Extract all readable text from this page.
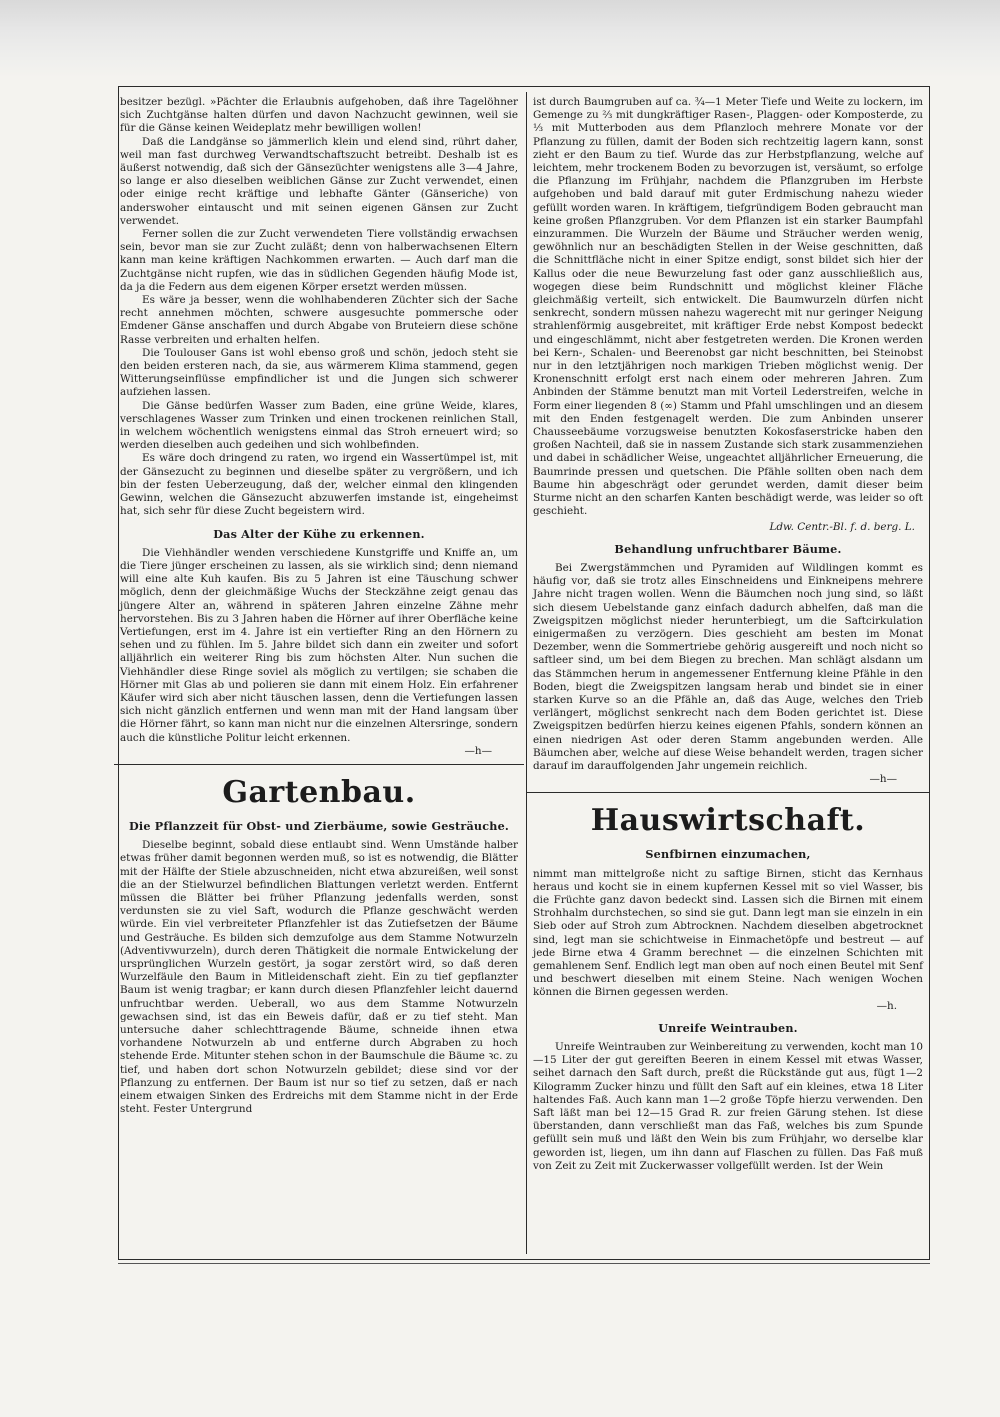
besitzer bezügl. »Pächter die Erlaubnis aufgehoben, daß ihre Tagelöhner sich Zuchtgänse halten dürfen und davon Nachzucht gewinnen, weil sie für die Gänse keinen Weideplatz mehr bewilligen wollen!

Daß die Landgänse so jämmerlich klein und elend sind, rührt daher, weil man fast durchweg Verwandtschaftszucht betreibt. Deshalb ist es äußerst notwendig, daß sich der Gänsezüchter wenigstens alle 3—4 Jahre, so lange er also dieselben weiblichen Gänse zur Zucht verwendet, einen oder einige recht kräftige und lebhafte Gänter (Gänseriche) von anderswoher eintauscht und mit seinen eigenen Gänsen zur Zucht verwendet.

Ferner sollen die zur Zucht verwendeten Tiere vollständig erwachsen sein, bevor man sie zur Zucht zuläßt; denn von halberwachsenen Eltern kann man keine kräftigen Nachkommen erwarten. — Auch darf man die Zuchtgänse nicht rupfen, wie das in südlichen Gegenden häufig Mode ist, da ja die Federn aus dem eigenen Körper ersetzt werden müssen.

Es wäre ja besser, wenn die wohlhabenderen Züchter sich der Sache recht annehmen möchten, schwere ausgesuchte pommersche oder Emdener Gänse anschaffen und durch Abgabe von Bruteiern diese schöne Rasse verbreiten und erhalten helfen.

Die Toulouser Gans ist wohl ebenso groß und schön, jedoch steht sie den beiden ersteren nach, da sie, aus wärmerem Klima stammend, gegen Witterungseinflüsse empfindlicher ist und die Jungen sich schwerer aufziehen lassen.

Die Gänse bedürfen Wasser zum Baden, eine grüne Weide, klares, verschlagenes Wasser zum Trinken und einen trockenen reinlichen Stall, in welchem wöchentlich wenigstens einmal das Stroh erneuert wird; so werden dieselben auch gedeihen und sich wohlbefinden.

Es wäre doch dringend zu raten, wo irgend ein Wassertümpel ist, mit der Gänsezucht zu beginnen und dieselbe später zu vergrößern, und ich bin der festen Ueberzeugung, daß der, welcher einmal den klingenden Gewinn, welchen die Gänsezucht abzuwerfen imstande ist, eingeheimst hat, sich sehr für diese Zucht begeistern wird.

Das Alter der Kühe zu erkennen.

Die Viehhändler wenden verschiedene Kunstgriffe und Kniffe an, um die Tiere jünger erscheinen zu lassen, als sie wirklich sind; denn niemand will eine alte Kuh kaufen. Bis zu 5 Jahren ist eine Täuschung schwer möglich, denn der gleichmäßige Wuchs der Steckzähne zeigt genau das jüngere Alter an, während in späteren Jahren einzelne Zähne mehr hervorstehen. Bis zu 3 Jahren haben die Hörner auf ihrer Oberfläche keine Vertiefungen, erst im 4. Jahre ist ein vertiefter Ring an den Hörnern zu sehen und zu fühlen. Im 5. Jahre bildet sich dann ein zweiter und sofort alljährlich ein weiterer Ring bis zum höchsten Alter. Nun suchen die Viehhändler diese Ringe soviel als möglich zu vertilgen; sie schaben die Hörner mit Glas ab und polieren sie dann mit einem Holz. Ein erfahrener Käufer wird sich aber nicht täuschen lassen, denn die Vertiefungen lassen sich nicht gänzlich entfernen und wenn man mit der Hand langsam über die Hörner fährt, so kann man nicht nur die einzelnen Altersringe, sondern auch die künstliche Politur leicht erkennen.

—h—
Gartenbau.
Die Pflanzzeit für Obst- und Zierbäume, sowie Gesträuche.

Dieselbe beginnt, sobald diese entlaubt sind. Wenn Umstände halber etwas früher damit begonnen werden muß, so ist es notwendig, die Blätter mit der Hälfte der Stiele abzuschneiden, nicht etwa abzureißen, weil sonst die an der Stielwurzel befindlichen Blattungen verletzt werden. Entfernt müssen die Blätter bei früher Pflanzung jedenfalls werden, sonst verdunsten sie zu viel Saft, wodurch die Pflanze geschwächt werden würde. Ein viel verbreiteter Pflanzfehler ist das Zutiefsetzen der Bäume und Gesträuche. Es bilden sich demzufolge aus dem Stamme Notwurzeln (Adventivwurzeln), durch deren Thätigkeit die normale Entwickelung der ursprünglichen Wurzeln gestört, ja sogar zerstört wird, so daß deren Wurzelfäule den Baum in Mitleidenschaft zieht. Ein zu tief gepflanzter Baum ist wenig tragbar; er kann durch diesen Pflanzfehler leicht dauernd unfruchtbar werden. Ueberall, wo aus dem Stamme Notwurzeln gewachsen sind, ist das ein Beweis dafür, daß er zu tief steht. Man untersuche daher schlechttragende Bäume, schneide ihnen etwa vorhandene Notwurzeln ab und entferne durch Abgraben zu hoch stehende Erde. Mitunter stehen schon in der Baumschule die Bäume ꝛc. zu tief, und haben dort schon Notwurzeln gebildet; diese sind vor der Pflanzung zu entfernen. Der Baum ist nur so tief zu setzen, daß er nach einem etwaigen Sinken des Erdreichs mit dem Stamme nicht in der Erde steht. Fester Untergrund

ist durch Baumgruben auf ca. ¾—1 Meter Tiefe und Weite zu lockern, im Gemenge zu ⅔ mit dungkräftiger Rasen-, Plaggen- oder Komposterde, zu ⅓ mit Mutterboden aus dem Pflanzloch mehrere Monate vor der Pflanzung zu füllen, damit der Boden sich rechtzeitig lagern kann, sonst zieht er den Baum zu tief. Wurde das zur Herbstpflanzung, welche auf leichtem, mehr trockenem Boden zu bevorzugen ist, versäumt, so erfolge die Pflanzung im Frühjahr, nachdem die Pflanzgruben im Herbste aufgehoben und bald darauf mit guter Erdmischung nahezu wieder gefüllt worden waren. In kräftigem, tiefgründigem Boden gebraucht man keine großen Pflanzgruben. Vor dem Pflanzen ist ein starker Baumpfahl einzurammen. Die Wurzeln der Bäume und Sträucher werden wenig, gewöhnlich nur an beschädigten Stellen in der Weise geschnitten, daß die Schnittfläche nicht in einer Spitze endigt, sonst bildet sich hier der Kallus oder die neue Bewurzelung fast oder ganz ausschließlich aus, wogegen diese beim Rundschnitt und möglichst kleiner Fläche gleichmäßig verteilt, sich entwickelt. Die Baumwurzeln dürfen nicht senkrecht, sondern müssen nahezu wagerecht mit nur geringer Neigung strahlenförmig ausgebreitet, mit kräftiger Erde nebst Kompost bedeckt und eingeschlämmt, nicht aber festgetreten werden. Die Kronen werden bei Kern-, Schalen- und Beerenobst gar nicht beschnitten, bei Steinobst nur in den letztjährigen noch markigen Trieben möglichst wenig. Der Kronenschnitt erfolgt erst nach einem oder mehreren Jahren. Zum Anbinden der Stämme benutzt man mit Vorteil Lederstreifen, welche in Form einer liegenden 8 (∞) Stamm und Pfahl umschlingen und an diesem mit den Enden festgenagelt werden. Die zum Anbinden unserer Chausseebäume vorzugsweise benutzten Kokosfaserstricke haben den großen Nachteil, daß sie in nassem Zustande sich stark zusammenziehen und dabei in schädlicher Weise, ungeachtet alljährlicher Erneuerung, die Baumrinde pressen und quetschen. Die Pfähle sollten oben nach dem Baume hin abgeschrägt oder gerundet werden, damit dieser beim Sturme nicht an den scharfen Kanten beschädigt werde, was leider so oft geschieht.

Ldw. Centr.-Bl. f. d. berg. L.
Behandlung unfruchtbarer Bäume.

Bei Zwergstämmchen und Pyramiden auf Wildlingen kommt es häufig vor, daß sie trotz alles Einschneidens und Einkneipens mehrere Jahre nicht tragen wollen. Wenn die Bäumchen noch jung sind, so läßt sich diesem Uebelstande ganz einfach dadurch abhelfen, daß man die Zweigspitzen möglichst nieder herunterbiegt, um die Saftcirkulation einigermaßen zu verzögern. Dies geschieht am besten im Monat Dezember, wenn die Sommertriebe gehörig ausgereift und noch nicht so saftleer sind, um bei dem Biegen zu brechen. Man schlägt alsdann um das Stämmchen herum in angemessener Entfernung kleine Pfähle in den Boden, biegt die Zweigspitzen langsam herab und bindet sie in einer starken Kurve so an die Pfähle an, daß das Auge, welches den Trieb verlängert, möglichst senkrecht nach dem Boden gerichtet ist. Diese Zweigspitzen bedürfen hierzu keines eigenen Pfahls, sondern können an einen niedrigen Ast oder deren Stamm angebunden werden. Alle Bäumchen aber, welche auf diese Weise behandelt werden, tragen sicher darauf im darauffolgenden Jahr ungemein reichlich.

—h—
Hauswirtschaft.
Senfbirnen einzumachen,

nimmt man mittelgroße nicht zu saftige Birnen, sticht das Kernhaus heraus und kocht sie in einem kupfernen Kessel mit so viel Wasser, bis die Früchte ganz davon bedeckt sind. Lassen sich die Birnen mit einem Strohhalm durchstechen, so sind sie gut. Dann legt man sie einzeln in ein Sieb oder auf Stroh zum Abtrocknen. Nachdem dieselben abgetrocknet sind, legt man sie schichtweise in Einmachetöpfe und bestreut — auf jede Birne etwa 4 Gramm berechnet — die einzelnen Schichten mit gemahlenem Senf. Endlich legt man oben auf noch einen Beutel mit Senf und beschwert dieselben mit einem Steine. Nach wenigen Wochen können die Birnen gegessen werden.

—h.
Unreife Weintrauben.

Unreife Weintrauben zur Weinbereitung zu verwenden, kocht man 10—15 Liter der gut gereiften Beeren in einem Kessel mit etwas Wasser, seihet darnach den Saft durch, preßt die Rückstände gut aus, fügt 1—2 Kilogramm Zucker hinzu und füllt den Saft auf ein kleines, etwa 18 Liter haltendes Faß. Auch kann man 1—2 große Töpfe hierzu verwenden. Den Saft läßt man bei 12—15 Grad R. zur freien Gärung stehen. Ist diese überstanden, dann verschließt man das Faß, welches bis zum Spunde gefüllt sein muß und läßt den Wein bis zum Frühjahr, wo derselbe klar geworden ist, liegen, um ihn dann auf Flaschen zu füllen. Das Faß muß von Zeit zu Zeit mit Zuckerwasser vollgefüllt werden. Ist der Wein
